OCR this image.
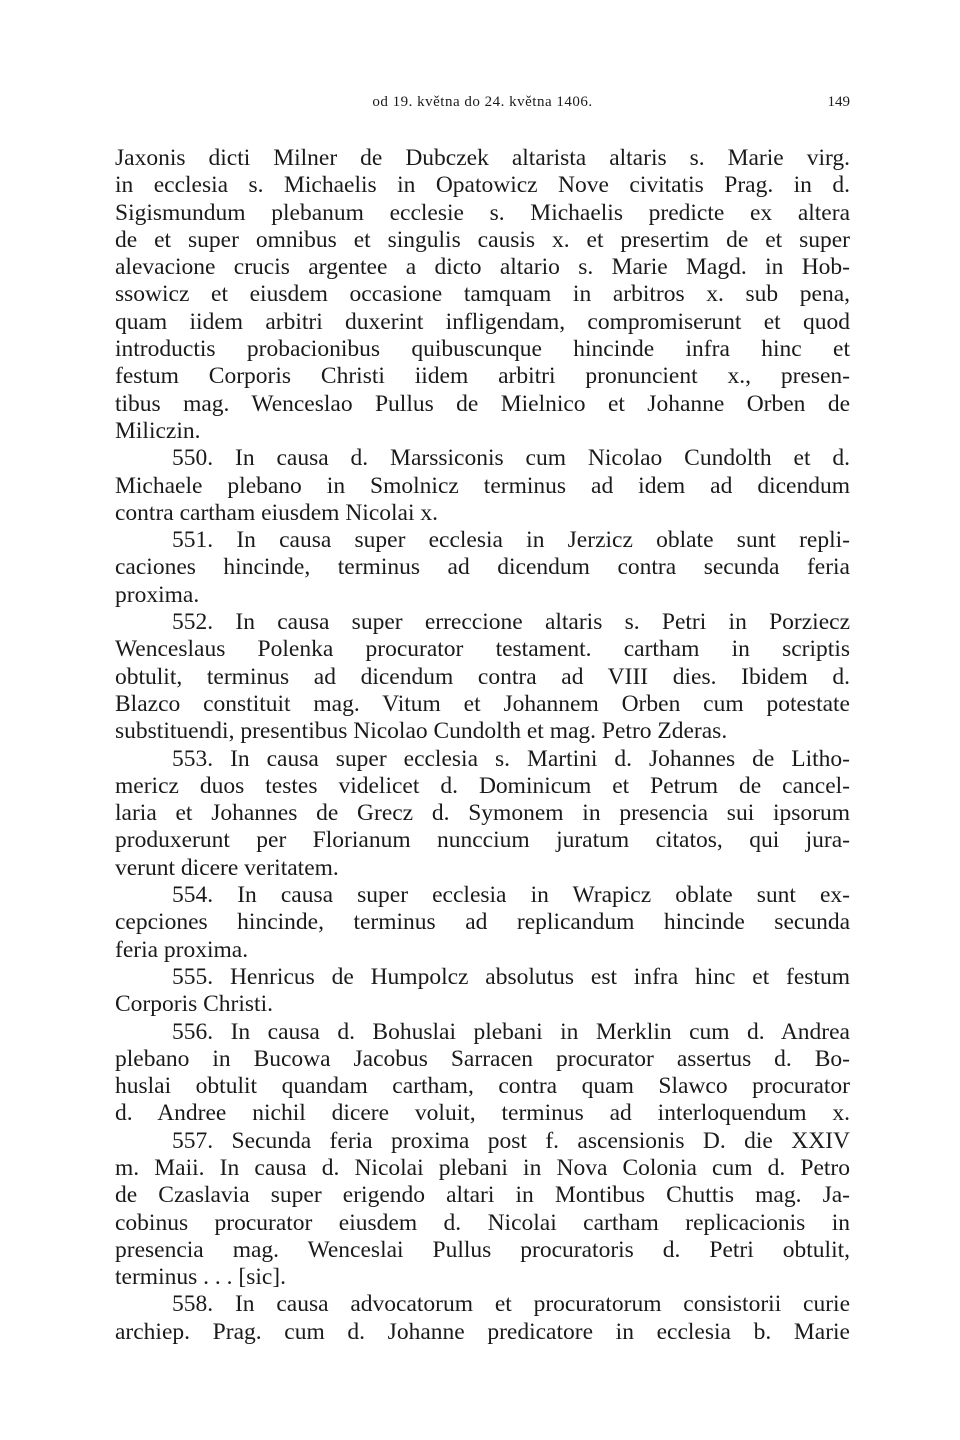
od 19. května do 24. května 1406.	149
Jaxonis dicti Milner de Dubczek altarista altaris s. Marie virg.
in ecclesia s. Michaelis in Opatowicz Nove civitatis Prag. in d.
Sigismundum plebanum ecclesie s. Michaelis predicte ex altera
de et super omnibus et singulis causis x. et presertim de et super
alevacione crucis argentee a dicto altario s. Marie Magd. in Hob-
ssowicz et eiusdem occasione tamquam in arbitros x. sub pena,
quam iidem arbitri duxerint infligendam, compromiserunt et quod
introductis probacionibus quibuscunque hincinde infra hinc et
festum Corporis Christi iidem arbitri pronuncient x., presen-
tibus mag. Wenceslao Pullus de Mielnico et Johanne Orben de
Miliczin.
550. In causa d. Marssiconis cum Nicolao Cundolth et d.
Michaele plebano in Smolnicz terminus ad idem ad dicendum
contra cartham eiusdem Nicolai x.
551. In causa super ecclesia in Jerzicz oblate sunt repli-
caciones hincinde, terminus ad dicendum contra secunda feria
proxima.
552. In causa super erreccione altaris s. Petri in Porziecz
Wenceslaus Polenka procurator testament. cartham in scriptis
obtulit, terminus ad dicendum contra ad VIII dies. Ibidem d.
Blazco constituit mag. Vitum et Johannem Orben cum potestate
substituendi, presentibus Nicolao Cundolth et mag. Petro Zderas.
553. In causa super ecclesia s. Martini d. Johannes de Litho-
mericz duos testes videlicet d. Dominicum et Petrum de cancel-
laria et Johannes de Grecz d. Symonem in presencia sui ipsorum
produxerunt per Florianum nunccium juratum citatos, qui jura-
verunt dicere veritatem.
554. In causa super ecclesia in Wrapicz oblate sunt ex-
cepciones hincinde, terminus ad replicandum hincinde secunda
feria proxima.
555. Henricus de Humpolcz absolutus est infra hinc et festum
Corporis Christi.
556. In causa d. Bohuslai plebani in Merklin cum d. Andrea
plebano in Bucowa Jacobus Sarracen procurator assertus d. Bo-
huslai obtulit quandam cartham, contra quam Slawco procurator
d. Andree nichil dicere voluit, terminus ad interloquendum x.
557. Secunda feria proxima post f. ascensionis D. die XXIV
m. Maii. In causa d. Nicolai plebani in Nova Colonia cum d. Petro
de Czaslavia super erigendo altari in Montibus Chuttis mag. Ja-
cobinus procurator eiusdem d. Nicolai cartham replicacionis in
presencia mag. Wenceslai Pullus procuratoris d. Petri obtulit,
terminus . . . [sic].
558. In causa advocatorum et procuratorum consistorii curie
archiep. Prag. cum d. Johanne predicatore in ecclesia b. Marie
